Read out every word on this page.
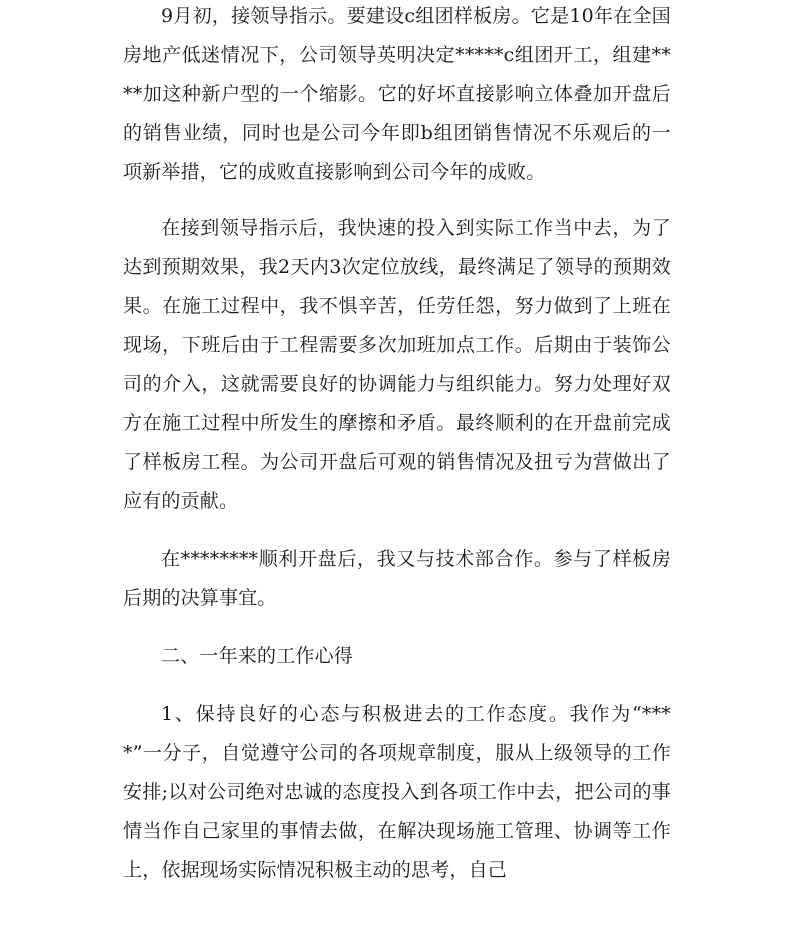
9月初，接领导指示。要建设c组团样板房。它是10年在全国房地产低迷情况下，公司领导英明决定*****c组团开工，组建****加这种新户型的一个缩影。它的好坏直接影响立体叠加开盘后的销售业绩，同时也是公司今年即b组团销售情况不乐观后的一项新举措，它的成败直接影响到公司今年的成败。

在接到领导指示后，我快速的投入到实际工作当中去，为了达到预期效果，我2天内3次定位放线，最终满足了领导的预期效果。在施工过程中，我不惧辛苦，任劳任怨，努力做到了上班在现场，下班后由于工程需要多次加班加点工作。后期由于装饰公司的介入，这就需要良好的协调能力与组织能力。努力处理好双方在施工过程中所发生的摩擦和矛盾。最终顺利的在开盘前完成了样板房工程。为公司开盘后可观的销售情况及扭亏为营做出了应有的贡献。

在********顺利开盘后，我又与技术部合作。参与了样板房后期的决算事宜。

二、一年来的工作心得

1、保持良好的心态与积极进去的工作态度。我作为“****”一分子，自觉遵守公司的各项规章制度，服从上级领导的工作安排;以对公司绝对忠诚的态度投入到各项工作中去，把公司的事情当作自己家里的事情去做，在解决现场施工管理、协调等工作上，依据现场实际情况积极主动的思考，自己
